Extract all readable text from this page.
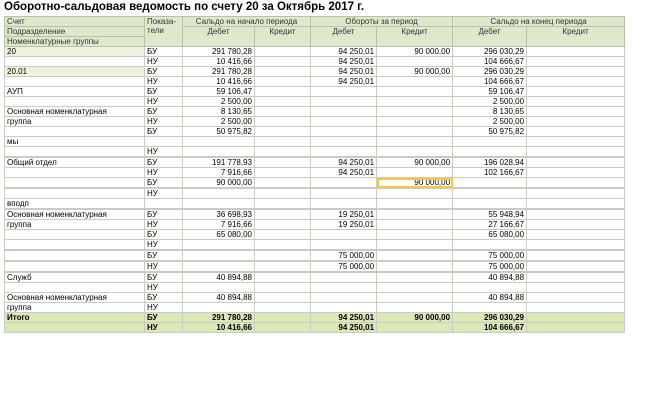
Оборотно-сальдовая ведомость по счету 20 за Октябрь 2017 г.
Счет	Показа-тели	Сальдо на начало периода		Обороты за период		Сальдо на конец периода	
Подразделение		Дебет	Кредит	Дебет	Кредит	Дебет	Кредит
Номенклатурные группы							
20	БУ	291 780,28		94 250,01	90 000,00	296 030,29	
	НУ	10 416,66		94 250,01		104 666,67	
20.01	БУ	291 780,28		94 250,01	90 000,00	296 030,29	
	НУ	10 416,66		94 250,01		104 666,67	
АУП	БУ	59 106,47				59 106,47	
	НУ	2 500,00				2 500,00	
Основная номенклатурная	БУ	8 130,65				8 130,65	
группа	НУ	2 500,00				2 500,00	
	БУ	50 975,82				50 975,82	
мы							
	НУ						

Общий отдел	БУ	191 778,93		94 250,01	90 000,00	196 028,94	
	НУ	7 916,66		94 250,01		102 166,67	
	БУ	90 000,00			90 000,00		

	НУ						
вподп							

Основная номенклатурная	БУ	36 698,93		19 250,01		55 948,94	
группа	НУ	7 916,66		19 250,01		27 166,67	
	БУ	65 080,00				65 080,00	
	НУ						

	БУ			75 000,00		75 000,00	

	НУ			75 000,00		75 000,00	

Служб	БУ	40 894,88				40 894,88	
	НУ						
Основная номенклатурная	БУ	40 894,88				40 894,88	
группа	НУ						
Итого	БУ	291 780,28		94 250,01	90 000,00	296 030,29	
	НУ	10 416,66		94 250,01		104 666,67	
